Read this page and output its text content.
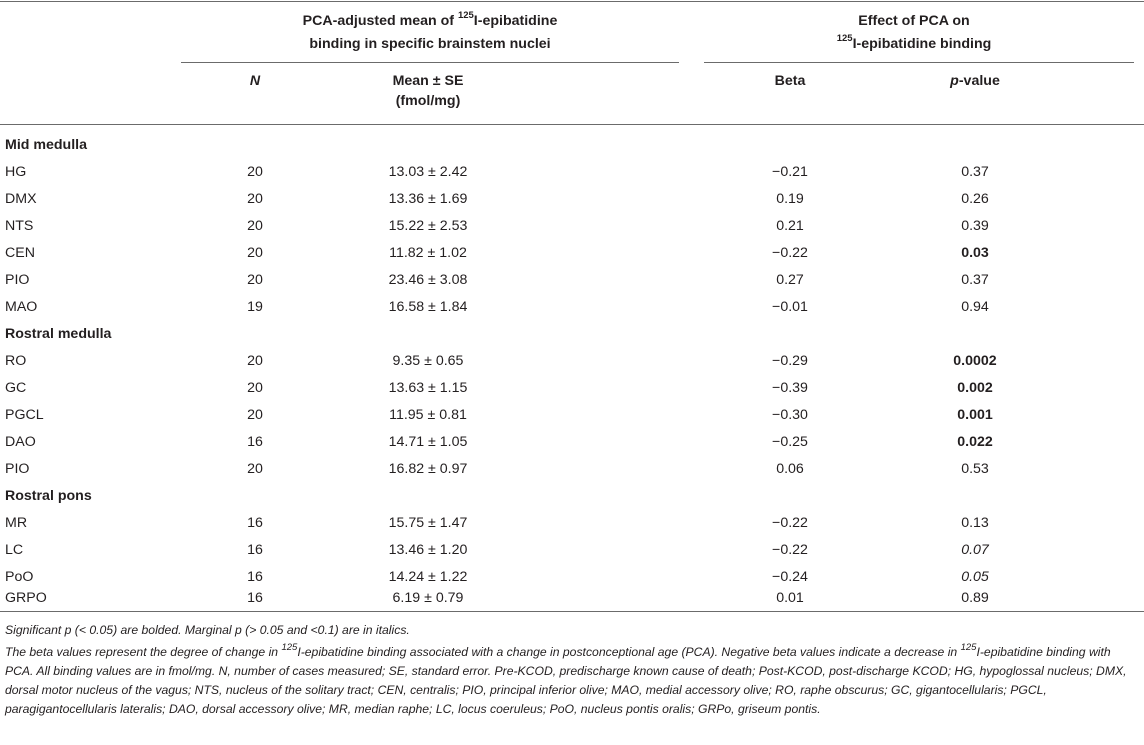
PCA-adjusted mean of $^{125}$I-epibatidine
binding in specific brainstem nuclei
Effect of PCA on
$^{125}$I-epibatidine binding
N	Mean ± SE
(fmol/mg)
Beta	p-value
Mid medulla
HG	20	13.03 ± 2.42	−0.21	0.37
DMX	20	13.36 ± 1.69	0.19	0.26
NTS	20	15.22 ± 2.53	0.21	0.39
CEN	20	11.82 ± 1.02	−0.22	0.03
PIO	20	23.46 ± 3.08	0.27	0.37
MAO	19	16.58 ± 1.84	−0.01	0.94
Rostral medulla
RO	20	9.35 ± 0.65	−0.29	0.0002
GC	20	13.63 ± 1.15	−0.39	0.002
PGCL	20	11.95 ± 0.81	−0.30	0.001
DAO	16	14.71 ± 1.05	−0.25	0.022
PIO	20	16.82 ± 0.97	0.06	0.53
Rostral pons
MR	16	15.75 ± 1.47	−0.22	0.13
LC	16	13.46 ± 1.20	−0.22	0.07
PoO	16	14.24 ± 1.22	−0.24	0.05
GRPO	16	6.19 ± 0.79	0.01	0.89

Significant p (< 0.05) are bolded. Marginal p (> 0.05 and <0.1) are in italics.

The beta values represent the degree of change in $^{125}$I-epibatidine binding associated with a change in postconceptional age (PCA). Negative beta values indicate a decrease in $^{125}$I-epibatidine binding with PCA. All binding values are in fmol/mg. N, number of cases measured; SE, standard error. Pre-KCOD, predischarge known cause of death; Post-KCOD, post-discharge KCOD; HG, hypoglossal nucleus; DMX, dorsal motor nucleus of the vagus; NTS, nucleus of the solitary tract; CEN, centralis; PIO, principal inferior olive; MAO, medial accessory olive; RO, raphe obscurus; GC, gigantocellularis; PGCL, paragigantocellularis lateralis; DAO, dorsal accessory olive; MR, median raphe; LC, locus coeruleus; PoO, nucleus pontis oralis; GRPo, griseum pontis.
